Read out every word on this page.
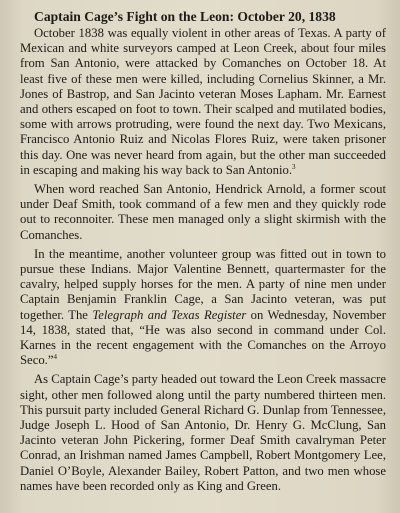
Captain Cage’s Fight on the Leon: October 20, 1838

October 1838 was equally violent in other areas of Texas. A party of Mexican and white surveyors camped at Leon Creek, about four miles from San Antonio, were attacked by Comanches on October 18. At least five of these men were killed, including Cornelius Skinner, a Mr. Jones of Bastrop, and San Jacinto veteran Moses Lapham. Mr. Earnest and others escaped on foot to town. Their scalped and mutilated bodies, some with arrows protruding, were found the next day. Two Mexicans, Francisco Antonio Ruiz and Nicolas Flores Ruiz, were taken prisoner this day. One was never heard from again, but the other man succeeded in escaping and making his way back to San Antonio.$^3$

When word reached San Antonio, Hendrick Arnold, a former scout under Deaf Smith, took command of a few men and they quickly rode out to reconnoiter. These men managed only a slight skirmish with the Comanches.

In the meantime, another volunteer group was fitted out in town to pursue these Indians. Major Valentine Bennett, quartermaster for the cavalry, helped supply horses for the men. A party of nine men under Captain Benjamin Franklin Cage, a San Jacinto veteran, was put together. The Telegraph and Texas Register on Wednesday, November 14, 1838, stated that, “He was also second in command under Col. Karnes in the recent engagement with the Comanches on the Arroyo Seco.”$^4$

As Captain Cage’s party headed out toward the Leon Creek massacre sight, other men followed along until the party numbered thirteen men. This pursuit party included General Richard G. Dunlap from Tennessee, Judge Joseph L. Hood of San Antonio, Dr. Henry G. McClung, San Jacinto veteran John Pickering, former Deaf Smith cavalryman Peter Conrad, an Irishman named James Campbell, Robert Montgomery Lee, Daniel O’Boyle, Alexander Bailey, Robert Patton, and two men whose names have been recorded only as King and Green.
